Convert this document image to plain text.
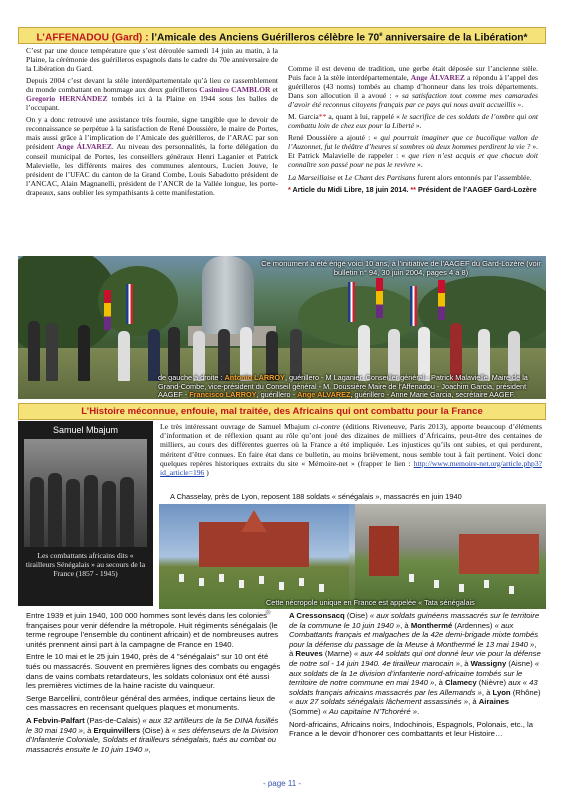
L’AFFENADOU (Gard) : l’Amicale des Anciens Guérilleros célèbre le 70e anniversaire de la Libération*

C’est par une douce température que s’est déroulée samedi 14 juin au matin, à la Plaine, la cérémonie des guérilleros espagnols dans le cadre du 70e anniversaire de la Libération du Gard.

Depuis 2004 c’est devant la stèle interdépartementale qu’à lieu ce rassemblement du monde combattant en hommage aux deux guérilleros Casimiro CAMBLOR et Gregorio HERNÁNDEZ tombés ici à la Plaine en 1944 sous les balles de l’occupant.

On y a donc retrouvé une assistance très fournie, signe tangible que le devoir de reconnaissance se perpétue à la satisfaction de René Doussière, le maire de Portes, mais aussi grâce à l’implication de l’Amicale des guérilleros, de l’ARAC par son président Ange ÁLVAREZ. Au niveau des personnalités, la forte délégation du conseil municipal de Portes, les conseillers généraux Henri Laganier et Patrick Malevielle, les différents maires des communes alentours, Lucien Jouve, le président de l’UFAC du canton de la Grand Combe, Louis Sabadotto président de l’ANCAC, Alain Magnanelli, président de l’ANCR de la Vallée longue, les porte-drapeaux, sans oublier les sympathisants à cette manifestation.

Comme il est devenu de tradition, une gerbe était déposée sur l’ancienne stèle. Puis face à la stèle interdépartementale, Ange ÁLVAREZ a répondu à l’appel des guérilleros (43 noms) tombés au champ d’honneur dans les trois départements. Dans son allocution il a avoué : « sa satisfaction tout comme mes camarades d’avoir été reconnus citoyens français par ce pays qui nous avait accueillis ».

M. Garcia** a, quant à lui, rappelé « le sacrifice de ces soldats de l’ombre qui ont combattu loin de chez eux pour la Liberté ».

René Doussière a ajouté : « qui pourrait imaginer que ce bucolique vallon de l’Auzonnet, fut le théâtre d’heures si sombres où deux hommes perdirent la vie ? ». Et Patrick Malavielle de rappeler : « que rien n’est acquis et que chacun doit connaître son passé pour ne pas le revivre ».

La Marseillaise et Le Chant des Partisans furent alors entonnés par l’assemblée.

* Article du Midi Libre, 18 juin 2014. ** Président de l’AAGEF Gard-Lozère

Ce monument a été érigé voici 10 ans, à l’initiative de l’AAGEF du Gard-Lozère (voir bulletin n° 94, 30 juin 2004, pages 4 à 8)
de gauche à droite : Antonio LARROY, guérillero - M Laganier, Conseiller général - Patrick Malavielle, Maire de la Grand-Combe, vice-président du Conseil général - M. Doussière Maire de l’Affenadou - Joachim Garcia, président AAGEF - Francisco LARROY, guérillero - Ange ALVAREZ, guérillero - Anne Marie Garcia, secrétaire AAGEF.
L’Histoire méconnue, enfouie, mal traitée, des Africains qui ont combattu pour la France
Samuel Mbajum
Les combattants africains dits « tirailleurs Sénégalais » au secours de la France (1857 - 1945)

Le très intéressant ouvrage de Samuel Mbajum ci-contre (éditions Riveneuve, Paris 2013), apporte beaucoup d’éléments d’information et de réflexion quant au rôle qu’ont joué des dizaines de milliers d’Africains, peut-être des centaines de milliers, au cours des différentes guerres où la France a été impliquée. Les injustices qu’ils ont subies, et qui perdurent, méritent d’être connues. En faire état dans ce bulletin, au moins brièvement, nous semble tout à fait pertinent. Voici donc quelques repères historiques extraits du site « Mémoire-net » (frapper le lien : http://www.memoire-net.org/article.php3?id_article=196 )

A Chasselay, près de Lyon, reposent 188 soldats « sénégalais », massacrés en juin 1940
Cette nécropole unique en France est appelée « Tata sénégalais »

Entre 1939 et juin 1940, 100 000 hommes sont levés dans les colonies françaises pour venir défendre la métropole. Huit régiments sénégalais (le terme regroupe l’ensemble du continent africain) et de nombreuses autres unités prennent ainsi part à la campagne de France en 1940.

Entre le 10 mai et le 25 juin 1940, près de 4 "sénégalais" sur 10 ont été tués ou massacrés. Souvent en premières lignes des combats ou engagés dans de vains combats retardateurs, les soldats coloniaux ont été aussi les premières victimes de la haine raciste du vainqueur.

Serge Barcellini, contrôleur général des armées, indique certains lieux de ces massacres en recensant quelques plaques et monuments.

A Febvin-Palfart (Pas-de-Calais) « aux 32 artilleurs de la 5e DINA fusillés le 30 mai 1940 », à Erquinvillers (Oise) à « ses défenseurs de la Division d’Infanterie Coloniale, Soldats et tirailleurs sénégalais, tués au combat ou massacrés ensuite le 10 juin 1940 »,

A Cressonsacq (Oise) « aux soldats guinéens massacrés sur le territoire de la commune le 10 juin 1940 », à Monthermé (Ardennes) « aux Combattants français et malgaches de la 42e demi-brigade mixte tombés pour la défense du passage de la Meuse à Monthermé le 13 mai 1940 », à Reuves (Marne) « aux 44 soldats qui ont donné leur vie pour la défense de notre sol - 14 juin 1940. 4e tirailleur marocain », à Wassigny (Aisne) « aux soldats de la 1e division d’infanterie nord-africaine tombés sur le territoire de notre commune en mai 1940 », à Clamecy (Nièvre) aux « 43 soldats français africains massacrés par les Allemands », à Lyon (Rhône) « aux 27 soldats sénégalais lâchement assassinés », à Airaines (Somme) « Au capitaine N’Tchoréré ».

Nord-africains, Africains noirs, Indochinois, Espagnols, Polonais, etc., la France a le devoir d’honorer ces combattants et leur Histoire…

- page 11 -
